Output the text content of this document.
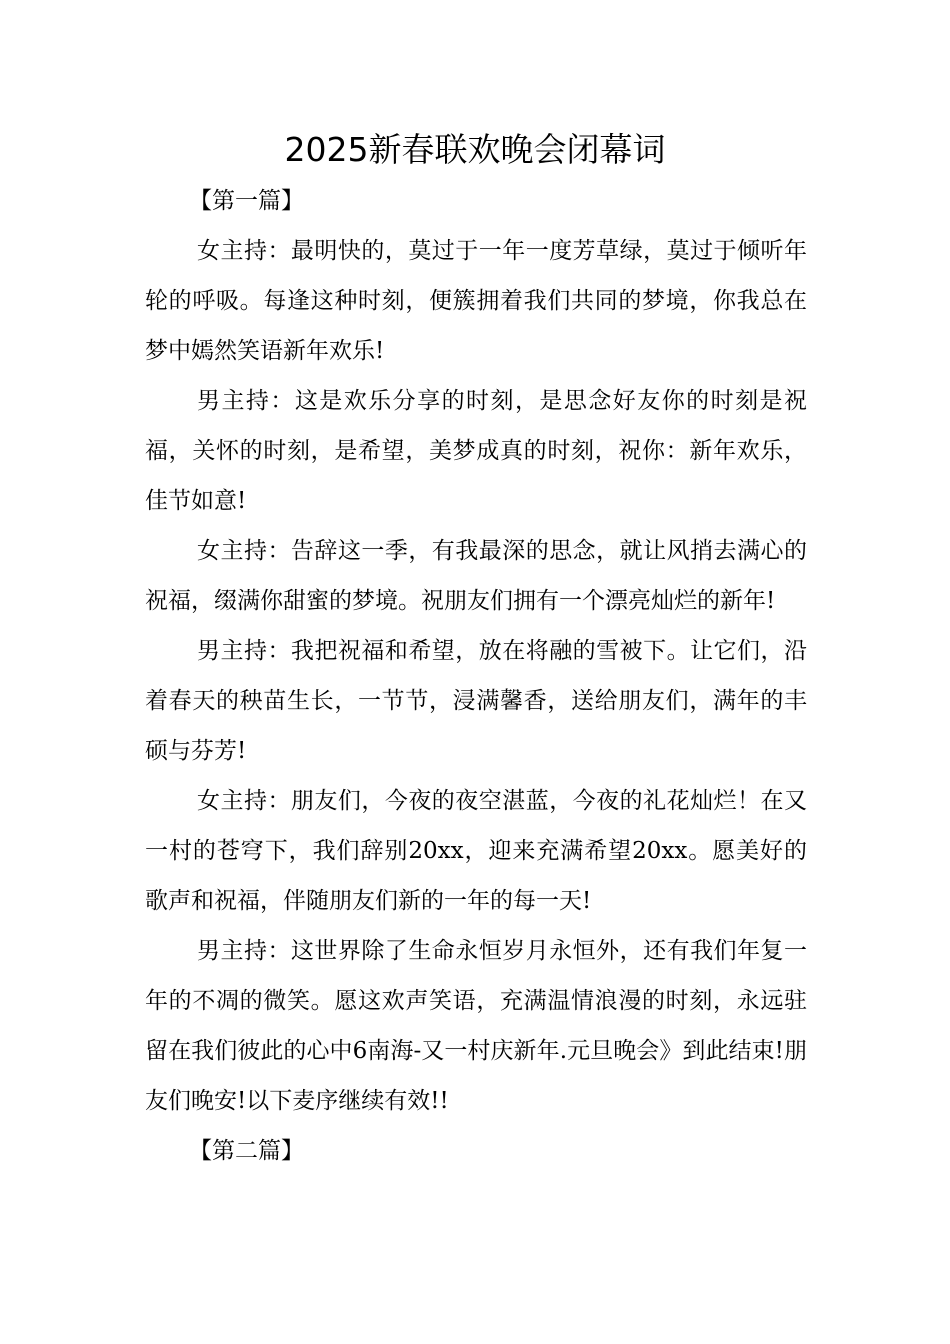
2025新春联欢晚会闭幕词
【第一篇】

女主持：最明快的，莫过于一年一度芳草绿，莫过于倾听年轮的呼吸。每逢这种时刻，便簇拥着我们共同的梦境，你我总在梦中嫣然笑语新年欢乐!

男主持：这是欢乐分享的时刻，是思念好友你的时刻是祝福，关怀的时刻，是希望，美梦成真的时刻，祝你：新年欢乐，佳节如意!

女主持：告辞这一季，有我最深的思念，就让风捎去满心的祝福，缀满你甜蜜的梦境。祝朋友们拥有一个漂亮灿烂的新年!

男主持：我把祝福和希望，放在将融的雪被下。让它们，沿着春天的秧苗生长，一节节，浸满馨香，送给朋友们，满年的丰硕与芬芳!

女主持：朋友们，今夜的夜空湛蓝，今夜的礼花灿烂！在又一村的苍穹下，我们辞别20xx，迎来充满希望20xx。愿美好的歌声和祝福，伴随朋友们新的一年的每一天!

男主持：这世界除了生命永恒岁月永恒外，还有我们年复一年的不凋的微笑。愿这欢声笑语，充满温情浪漫的时刻，永远驻留在我们彼此的心中6南海-又一村庆新年.元旦晚会》到此结束!朋友们晚安!以下麦序继续有效!!

【第二篇】
